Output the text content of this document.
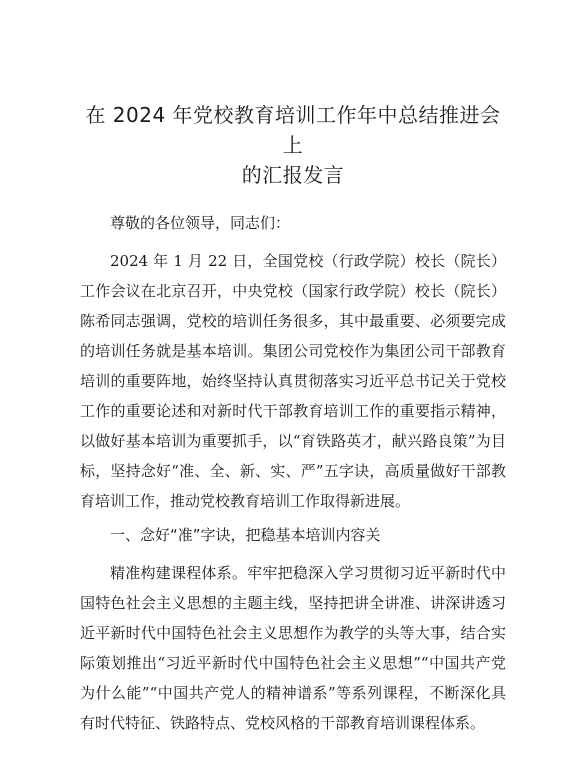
在 2024 年党校教育培训工作年中总结推进会上
的汇报发言

尊敬的各位领导，同志们：

2024 年 1 月 22 日，全国党校（行政学院）校长（院长）工作会议在北京召开，中央党校（国家行政学院）校长（院长）陈希同志强调，党校的培训任务很多，其中最重要、必须要完成的培训任务就是基本培训。集团公司党校作为集团公司干部教育培训的重要阵地，始终坚持认真贯彻落实习近平总书记关于党校工作的重要论述和对新时代干部教育培训工作的重要指示精神，以做好基本培训为重要抓手，以“育铁路英才，献兴路良策”为目标，坚持念好“准、全、新、实、严”五字诀，高质量做好干部教育培训工作，推动党校教育培训工作取得新进展。

一、念好“准”字诀，把稳基本培训内容关

精准构建课程体系。牢牢把稳深入学习贯彻习近平新时代中国特色社会主义思想的主题主线，坚持把讲全讲准、讲深讲透习近平新时代中国特色社会主义思想作为教学的头等大事，结合实际策划推出“习近平新时代中国特色社会主义思想”“中国共产党为什么能”“中国共产党人的精神谱系”等系列课程，不断深化具有时代特征、铁路特点、党校风格的干部教育培训课程体系。
